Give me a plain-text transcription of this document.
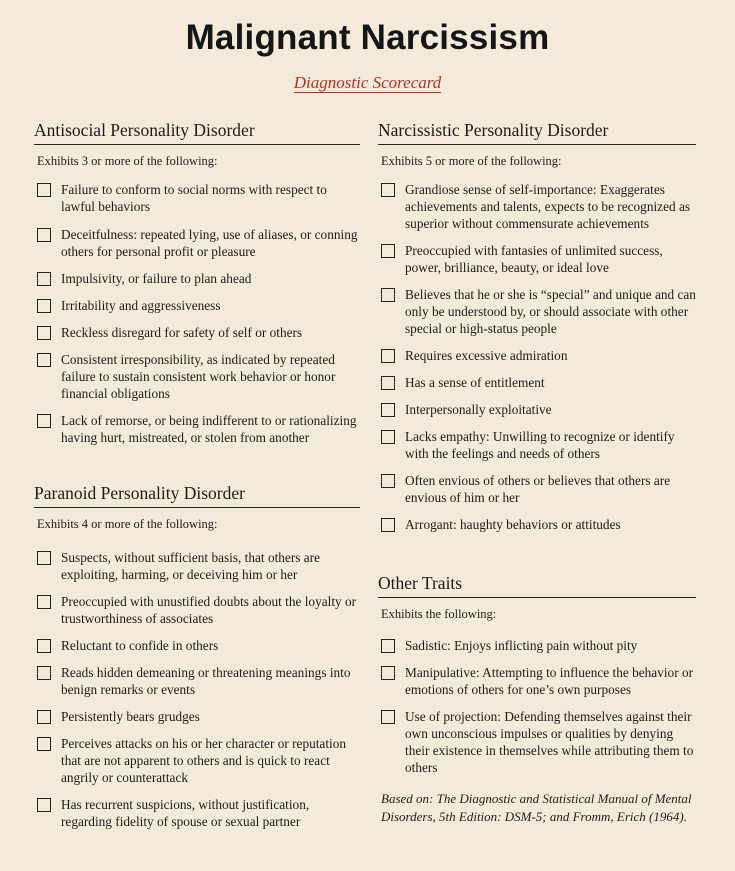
Malignant Narcissism
Diagnostic Scorecard
Antisocial Personality Disorder
Exhibits 3 or more of the following:
Failure to conform to social norms with respect to lawful behaviors
Deceitfulness: repeated lying, use of aliases, or conning others for personal profit or pleasure
Impulsivity, or failure to plan ahead
Irritability and aggressiveness
Reckless disregard for safety of self or others
Consistent irresponsibility, as indicated by repeated failure to sustain consistent work behavior or honor financial obligations
Lack of remorse, or being indifferent to or rationalizing having hurt, mistreated, or stolen from another
Paranoid Personality Disorder
Exhibits 4 or more of the following:
Suspects, without sufficient basis, that others are exploiting, harming, or deceiving him or her
Preoccupied with unustified doubts about the loyalty or trustworthiness of associates
Reluctant to confide in others
Reads hidden demeaning or threatening meanings into benign remarks or events
Persistently bears grudges
Perceives attacks on his or her character or reputation that are not apparent to others and is quick to react angrily or counterattack
Has recurrent suspicions, without justification, regarding fidelity of spouse or sexual partner
Narcissistic Personality Disorder
Exhibits 5 or more of the following:
Grandiose sense of self-importance: Exaggerates achievements and talents, expects to be recognized as superior without commensurate achievements
Preoccupied with fantasies of unlimited success, power, brilliance, beauty, or ideal love
Believes that he or she is “special” and unique and can only be understood by, or should associate with other special or high-status people
Requires excessive admiration
Has a sense of entitlement
Interpersonally exploitative
Lacks empathy: Unwilling to recognize or identify with the feelings and needs of others
Often envious of others or believes that others are envious of him or her
Arrogant: haughty behaviors or attitudes
Other Traits
Exhibits the following:
Sadistic: Enjoys inflicting pain without pity
Manipulative: Attempting to influence the behavior or emotions of others for one’s own purposes
Use of projection: Defending themselves against their own unconscious impulses or qualities by denying their existence in themselves while attributing them to others
Based on: The Diagnostic and Statistical Manual of Mental Disorders, 5th Edition: DSM-5; and Fromm, Erich (1964).
